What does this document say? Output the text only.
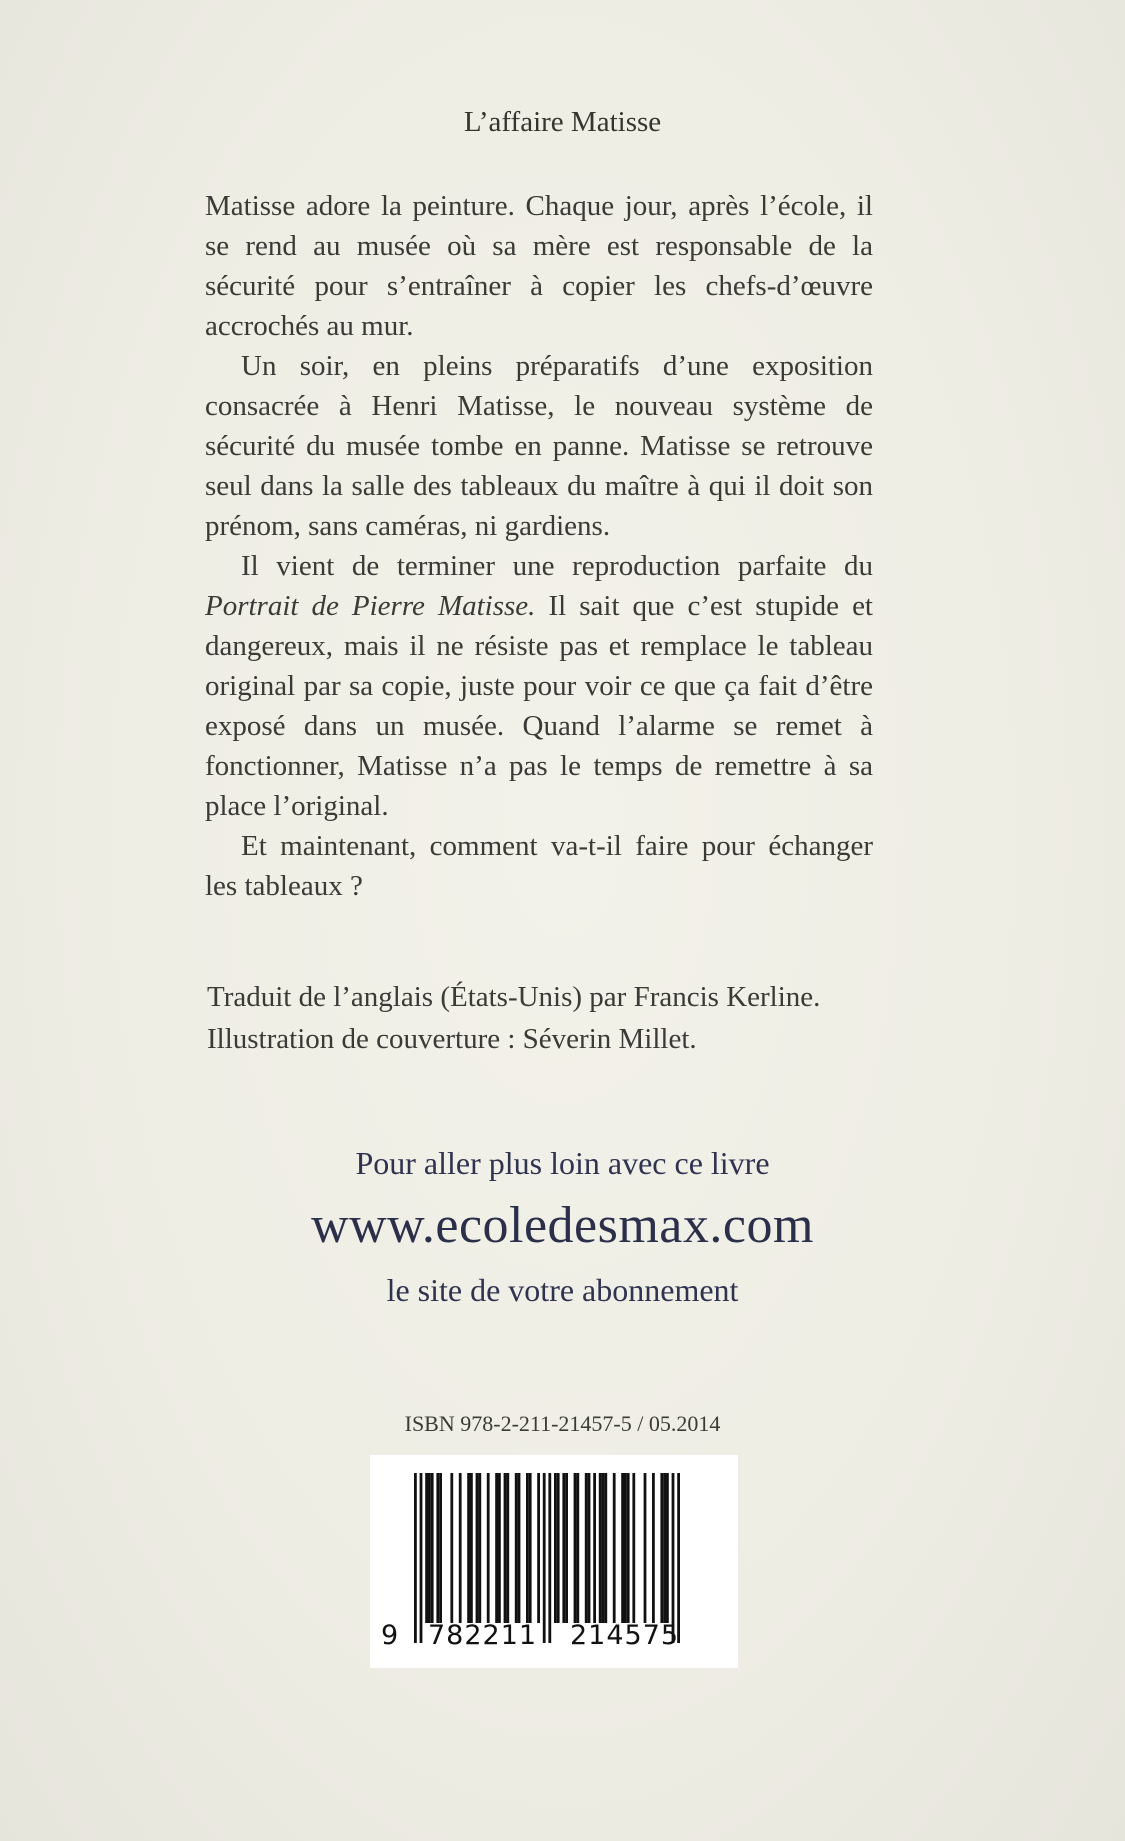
L’affaire Matisse

Matisse adore la peinture. Chaque jour, après l’école, il se rend au musée où sa mère est responsable de la sécurité pour s’entraîner à copier les chefs-d’œuvre accrochés au mur.

Un soir, en pleins préparatifs d’une exposition consacrée à Henri Matisse, le nouveau système de sécurité du musée tombe en panne. Matisse se retrouve seul dans la salle des tableaux du maître à qui il doit son prénom, sans caméras, ni gardiens.

Il vient de terminer une reproduction parfaite du Portrait de Pierre Matisse. Il sait que c’est stupide et dangereux, mais il ne résiste pas et remplace le tableau original par sa copie, juste pour voir ce que ça fait d’être exposé dans un musée. Quand l’alarme se remet à fonctionner, Matisse n’a pas le temps de remettre à sa place l’original.

Et maintenant, comment va-t-il faire pour échanger les tableaux ?

Traduit de l’anglais (États-Unis) par Francis Kerline.
Illustration de couverture : Séverin Millet.
Pour aller plus loin avec ce livre
www.ecoledesmax.com
le site de votre abonnement
ISBN 978-2-211-21457-5 / 05.2014
9 782211 214575
